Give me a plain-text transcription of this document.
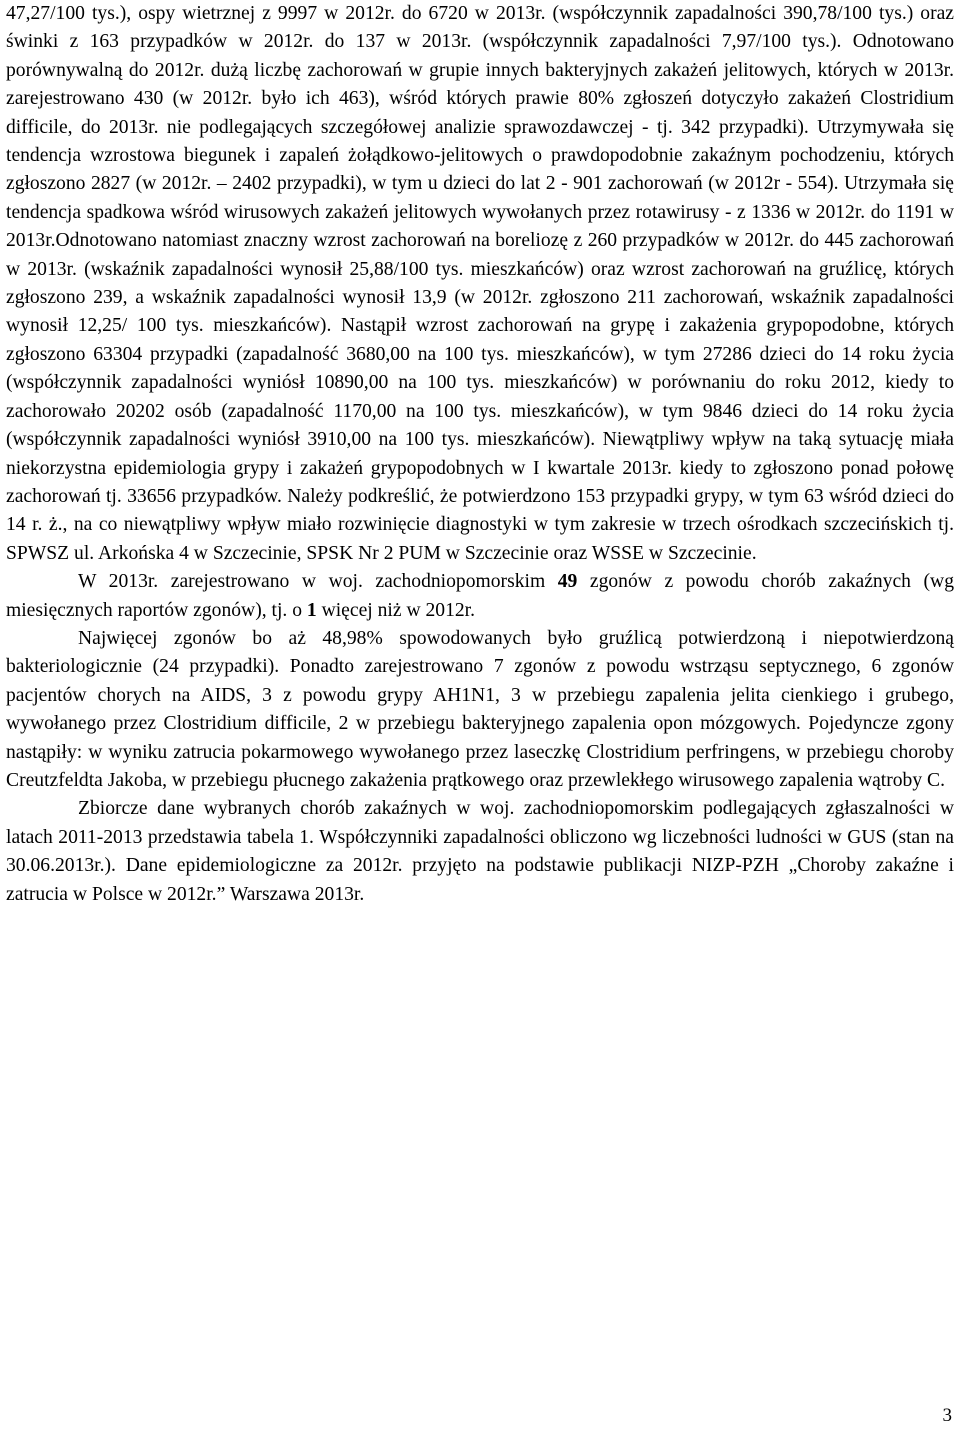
47,27/100 tys.), ospy wietrznej z 9997 w 2012r. do 6720 w 2013r. (współczynnik zapadalności 390,78/100 tys.) oraz świnki z 163 przypadków w 2012r. do 137 w 2013r. (współczynnik zapadalności 7,97/100 tys.). Odnotowano porównywalną do 2012r. dużą liczbę zachorowań w grupie innych bakteryjnych zakażeń jelitowych, których w 2013r. zarejestrowano 430 (w 2012r. było ich 463), wśród których prawie 80% zgłoszeń dotyczyło zakażeń Clostridium difficile, do 2013r. nie podlegających szczegółowej analizie sprawozdawczej - tj. 342 przypadki). Utrzymywała się tendencja wzrostowa biegunek i zapaleń żołądkowo-jelitowych o prawdopodobnie zakaźnym pochodzeniu, których zgłoszono 2827 (w 2012r. – 2402 przypadki), w tym u dzieci do lat 2 - 901 zachorowań (w 2012r - 554). Utrzymała się tendencja spadkowa wśród wirusowych zakażeń jelitowych wywołanych przez rotawirusy - z 1336 w 2012r. do 1191 w 2013r.Odnotowano natomiast znaczny wzrost zachorowań na boreliozę z 260 przypadków w 2012r. do 445 zachorowań w 2013r. (wskaźnik zapadalności wynosił 25,88/100 tys. mieszkańców) oraz wzrost zachorowań na gruźlicę, których zgłoszono 239, a wskaźnik zapadalności wynosił 13,9 (w 2012r. zgłoszono 211 zachorowań, wskaźnik zapadalności wynosił 12,25/ 100 tys. mieszkańców). Nastąpił wzrost zachorowań na grypę i zakażenia grypopodobne, których zgłoszono 63304 przypadki (zapadalność 3680,00 na 100 tys. mieszkańców), w tym 27286 dzieci do 14 roku życia (współczynnik zapadalności wyniósł 10890,00 na 100 tys. mieszkańców) w porównaniu do roku 2012, kiedy to zachorowało 20202 osób (zapadalność 1170,00 na 100 tys. mieszkańców), w tym 9846 dzieci do 14 roku życia (współczynnik zapadalności wyniósł 3910,00 na 100 tys. mieszkańców). Niewątpliwy wpływ na taką sytuację miała niekorzystna epidemiologia grypy i zakażeń grypopodobnych w I kwartale 2013r. kiedy to zgłoszono ponad połowę zachorowań tj. 33656 przypadków. Należy podkreślić, że potwierdzono 153 przypadki grypy, w tym 63 wśród dzieci do 14 r. ż., na co niewątpliwy wpływ miało rozwinięcie diagnostyki w tym zakresie w trzech ośrodkach szczecińskich tj. SPWSZ ul. Arkońska 4 w Szczecinie, SPSK Nr 2 PUM w Szczecinie oraz WSSE w Szczecinie.

W 2013r. zarejestrowano w woj. zachodniopomorskim 49 zgonów z powodu chorób zakaźnych (wg miesięcznych raportów zgonów), tj. o 1 więcej niż w 2012r.

Najwięcej zgonów bo aż 48,98% spowodowanych było gruźlicą potwierdzoną i niepotwierdzoną bakteriologicznie (24 przypadki). Ponadto zarejestrowano 7 zgonów z powodu wstrząsu septycznego, 6 zgonów pacjentów chorych na AIDS, 3 z powodu grypy AH1N1, 3 w przebiegu zapalenia jelita cienkiego i grubego, wywołanego przez Clostridium difficile, 2 w przebiegu bakteryjnego zapalenia opon mózgowych. Pojedyncze zgony nastąpiły: w wyniku zatrucia pokarmowego wywołanego przez laseczkę Clostridium perfringens, w przebiegu choroby Creutzfeldta Jakoba, w przebiegu płucnego zakażenia prątkowego oraz przewlekłego wirusowego zapalenia wątroby C.

Zbiorcze dane wybranych chorób zakaźnych w woj. zachodniopomorskim podlegających zgłaszalności w latach 2011-2013 przedstawia tabela 1. Współczynniki zapadalności obliczono wg liczebności ludności w GUS (stan na 30.06.2013r.). Dane epidemiologiczne za 2012r. przyjęto na podstawie publikacji NIZP-PZH „Choroby zakaźne i zatrucia w Polsce w 2012r.” Warszawa 2013r.

3
